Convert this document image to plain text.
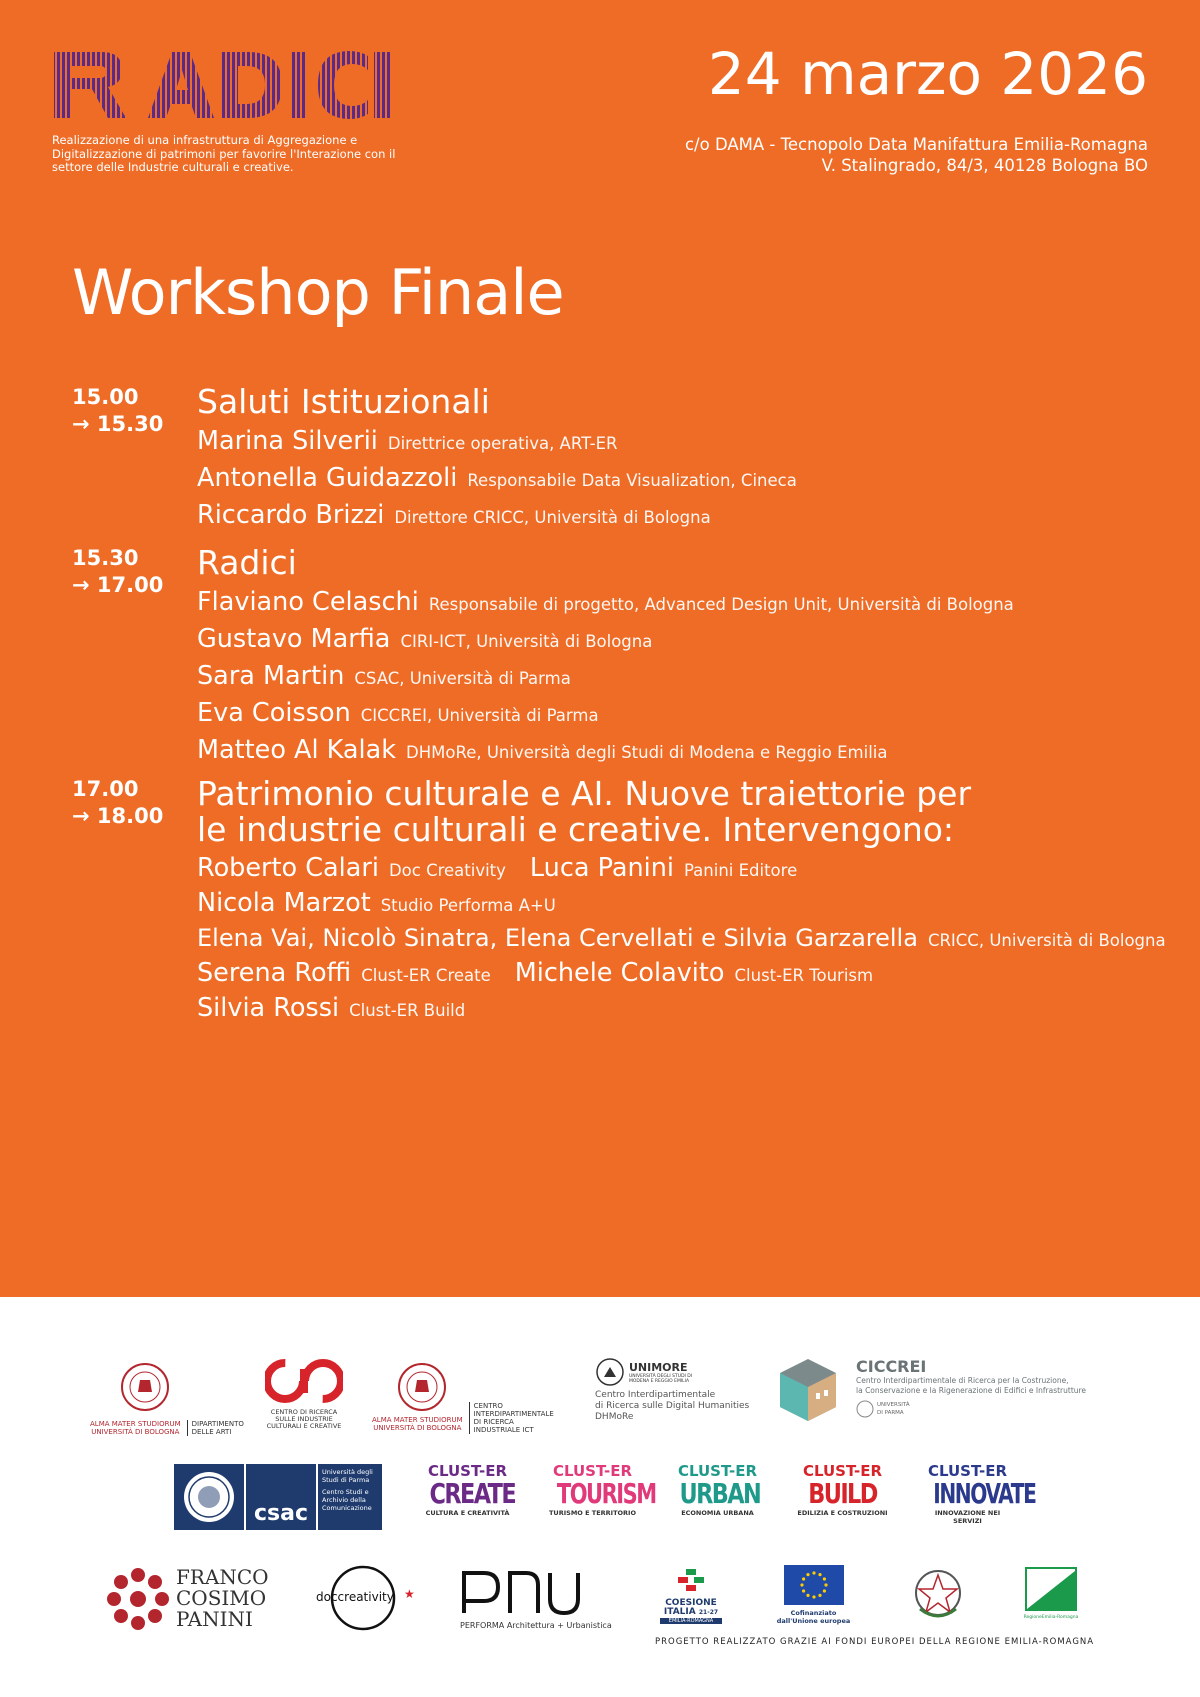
Realizzazione di una infrastruttura di Aggregazione e Digitalizzazione di patrimoni per favorire l'Interazione con il settore delle Industrie culturali e creative.
24 marzo 2026
c/o DAMA - Tecnopolo Data Manifattura Emilia-Romagna
V. Stalingrado, 84/3, 40128 Bologna BO
Workshop Finale
15.00
→ 15.30
Saluti Istituzionali
Marina Silverii Direttrice operativa, ART-ER
Antonella Guidazzoli Responsabile Data Visualization, Cineca
Riccardo Brizzi Direttore CRICC, Università di Bologna
15.30
→ 17.00
Radici
Flaviano Celaschi Responsabile di progetto, Advanced Design Unit, Università di Bologna
Gustavo Marfia CIRI-ICT, Università di Bologna
Sara Martin CSAC, Università di Parma
Eva Coisson CICCREI, Università di Parma
Matteo Al Kalak DHMoRe, Università degli Studi di Modena e Reggio Emilia
17.00
→ 18.00
Patrimonio culturale e AI. Nuove traiettorie per
le industrie culturali e creative. Intervengono:
Roberto Calari Doc Creativity Luca Panini Panini Editore
Nicola Marzot Studio Performa A+U
Elena Vai, Nicolò Sinatra, Elena Cervellati e Silvia Garzarella CRICC, Università di Bologna
Serena Roffi Clust-ER Create Michele Colavito Clust-ER Tourism
Silvia Rossi Clust-ER Build
ALMA MATER STUDIORUM
UNIVERSITÀ DI BOLOGNA
DIPARTIMENTO DELLE ARTI
CENTRO DI RICERCA SULLE INDUSTRIE CULTURALI E CREATIVE
ALMA MATER STUDIORUM
UNIVERSITÀ DI BOLOGNA
CENTRO INTERDIPARTIMENTALE DI RICERCA INDUSTRIALE ICT
UNIMORE
UNIVERSITÀ DEGLI STUDI DI MODENA E REGGIO EMILIA
Centro Interdipartimentale
di Ricerca sulle Digital Humanities
DHMoRe
CICCREI
Centro Interdipartimentale di Ricerca per la Costruzione,
la Conservazione e la Rigenerazione di Edifici e Infrastrutture
UNIVERSITÀ DI PARMA
csac
Università degli Studi di Parma
Centro Studi e Archivio della Comunicazione
CLUST-ER
CREATE
CULTURA E CREATIVITÀ
CLUST-ER
TOURISM
TURISMO E TERRITORIO
CLUST-ER
URBAN
ECONOMIA URBANA
CLUST-ER
BUILD
EDILIZIA E COSTRUZIONI
CLUST-ER
INNOVATE
INNOVAZIONE NEI SERVIZI
FRANCO
COSIMO
PANINI
doccreativity ★
PERFORMA Architettura + Urbanistica
COESIONE
ITALIA 21-27
EMILIA-ROMAGNA
Cofinanziato
dall'Unione europea	RegioneEmilia-Romagna
PROGETTO REALIZZATO GRAZIE AI FONDI EUROPEI DELLA REGIONE EMILIA-ROMAGNA
